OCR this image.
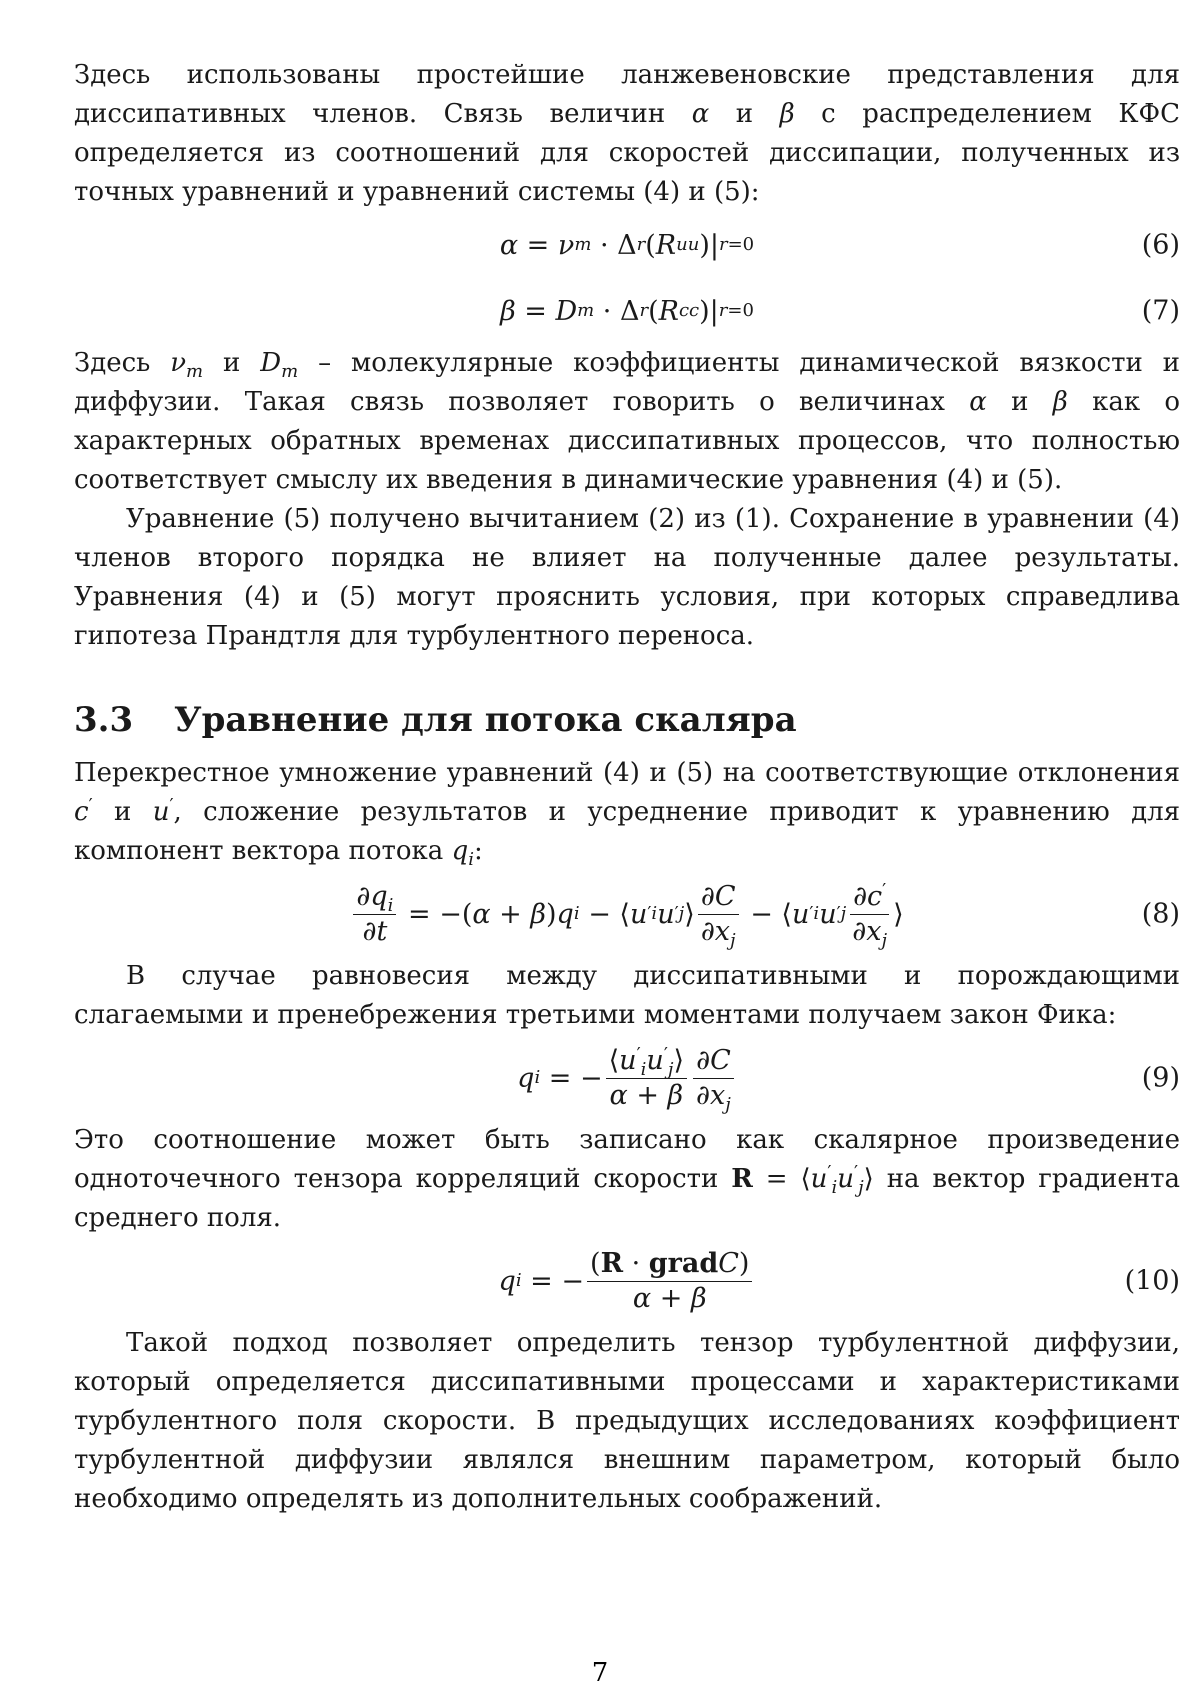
Здесь использованы простейшие ланжевеновские представления для диссипативных членов. Связь величин α и β с распределением КФС определяется из соотношений для скоростей диссипации, полученных из точных уравнений и уравнений системы (4) и (5):

α = ν m · Δ r ( R uu )| r=0	(6)
β = D m · Δ r ( R cc )| r=0	(7)

Здесь $\nu_m$ и $D_m$ – молекулярные коэффициенты динамической вязкости и диффузии. Такая связь позволяет говорить о величинах α и β как о характерных обратных временах диссипативных процессов, что полностью соответствует смыслу их введения в динамические уравнения (4) и (5).

Уравнение (5) получено вычитанием (2) из (1). Сохранение в уравнении (4) членов второго порядка не влияет на полученные далее результаты. Уравнения (4) и (5) могут прояснить условия, при которых справедлива гипотеза Прандтля для турбулентного переноса.

3.3 Уравнение для потока скаляра

Перекрестное умножение уравнений (4) и (5) на соответствующие отклонения c′ и u′, сложение результатов и усреднение приводит к уравнению для компонент вектора потока $q_i$:

$\frac{\partial q_i}{\partial t}$ = −( α + β ) q i − ⟨ u ′ i u ′ j ⟩ $\frac{\partial C}{\partial x_j}$ − ⟨ u ′ i u ′ j $\frac{\partial c'}{\partial x_j}$ ⟩	(8)

В случае равновесия между диссипативными и порождающими слагаемыми и пренебрежения третьими моментами получаем закон Фика:

q i = − $\frac{⟨u'_iu'_j⟩}{\alpha + \beta} \frac{\partial C}{\partial x_j}$	(9)

Это соотношение может быть записано как скалярное произведение одноточечного тензора корреляций скорости $R = ⟨u'_iu'_j⟩$ на вектор градиента среднего поля.

q i = − $\frac{\text{(R · gradC)}}{\alpha + \beta}$	(10)

Такой подход позволяет определить тензор турбулентной диффузии, который определяется диссипативными процессами и характеристиками турбулентного поля скорости. В предыдущих исследованиях коэффициент турбулентной диффузии являлся внешним параметром, который было необходимо определять из дополнительных соображений.

7
